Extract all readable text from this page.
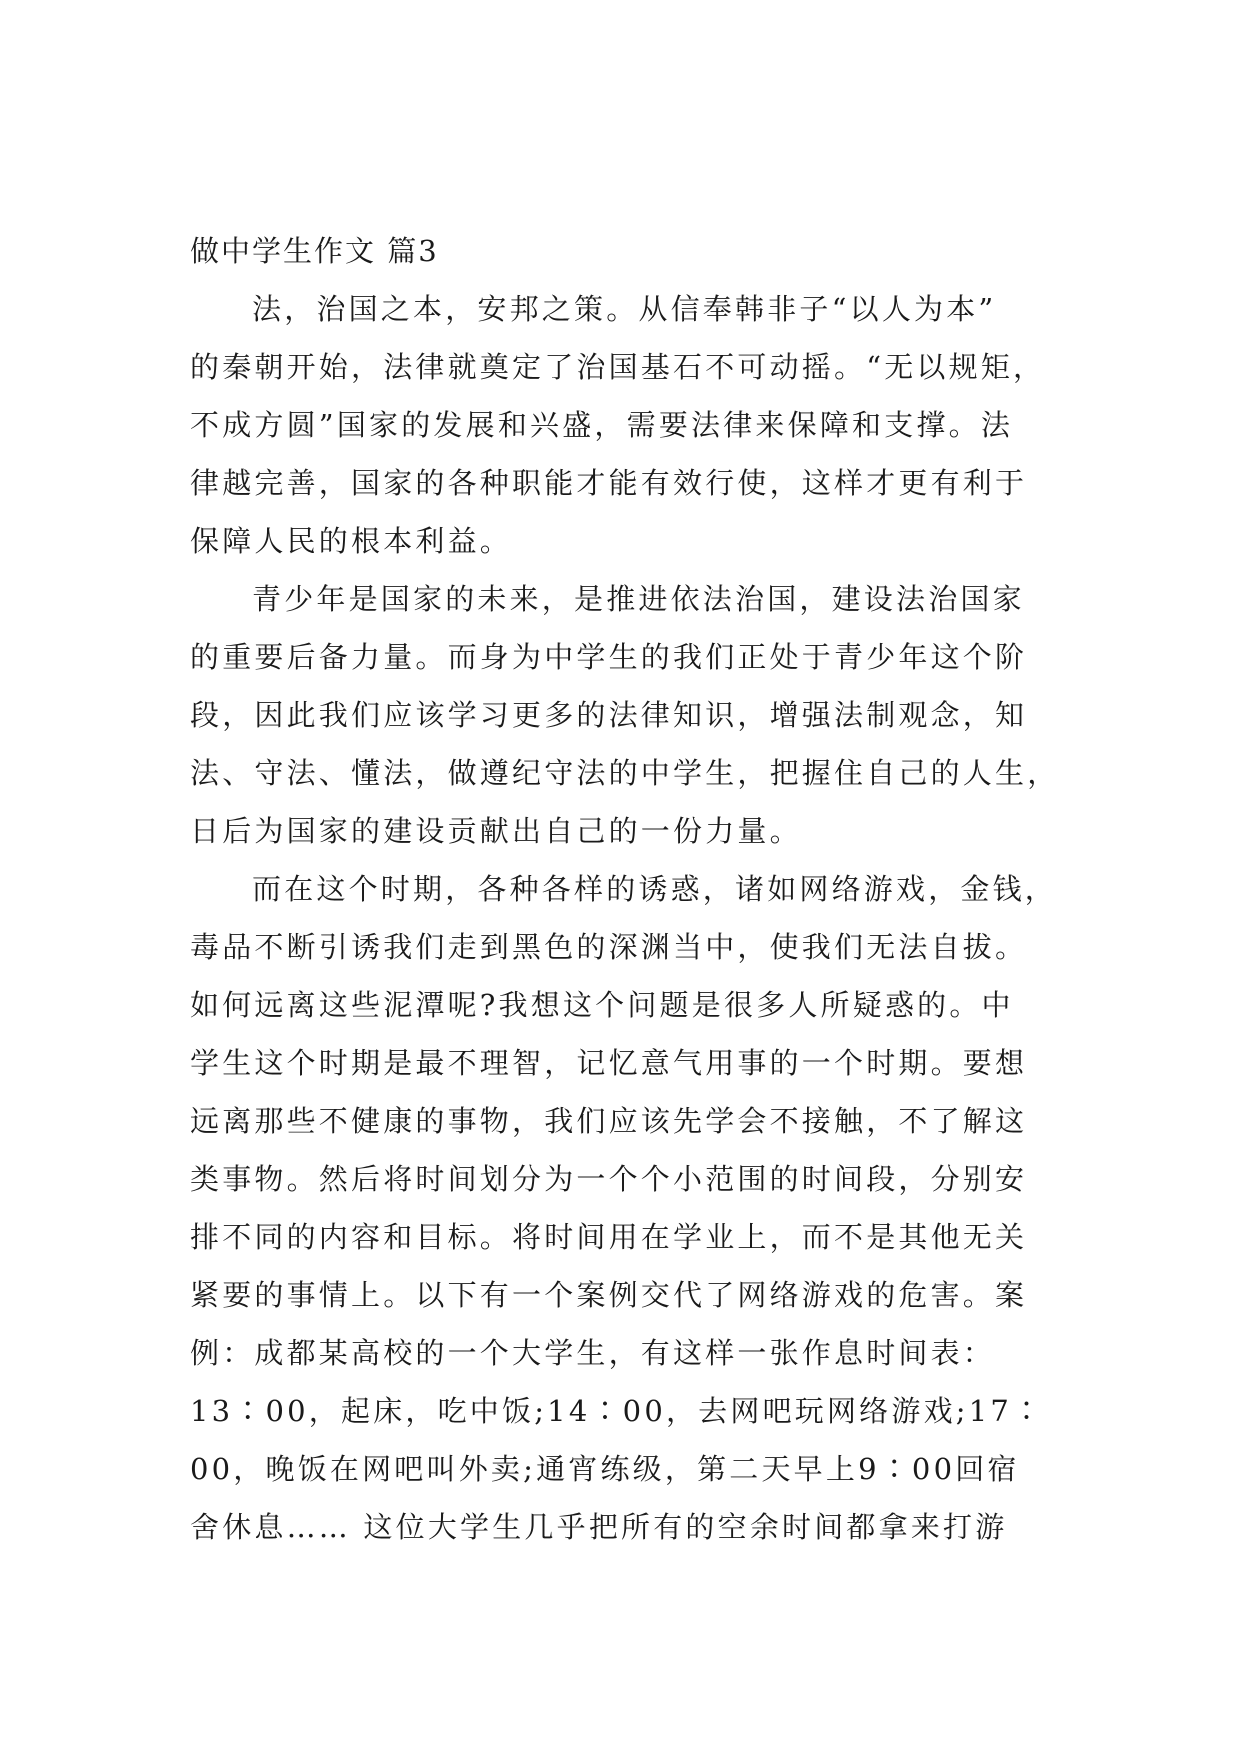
做中学生作文 篇3
法，治国之本，安邦之策。从信奉韩非子“以人为本”
的秦朝开始，法律就奠定了治国基石不可动摇。“无以规矩，
不成方圆”国家的发展和兴盛，需要法律来保障和支撑。法
律越完善，国家的各种职能才能有效行使，这样才更有利于
保障人民的根本利益。
青少年是国家的未来，是推进依法治国，建设法治国家
的重要后备力量。而身为中学生的我们正处于青少年这个阶
段，因此我们应该学习更多的法律知识，增强法制观念，知
法、守法、懂法，做遵纪守法的中学生，把握住自己的人生，
日后为国家的建设贡献出自己的一份力量。
而在这个时期，各种各样的诱惑，诸如网络游戏，金钱，
毒品不断引诱我们走到黑色的深渊当中，使我们无法自拔。
如何远离这些泥潭呢?我想这个问题是很多人所疑惑的。中
学生这个时期是最不理智，记忆意气用事的一个时期。要想
远离那些不健康的事物，我们应该先学会不接触，不了解这
类事物。然后将时间划分为一个个小范围的时间段，分别安
排不同的内容和目标。将时间用在学业上，而不是其他无关
紧要的事情上。以下有一个案例交代了网络游戏的危害。案
例：成都某高校的一个大学生，有这样一张作息时间表：
13∶00，起床，吃中饭;14∶00，去网吧玩网络游戏;17∶
00，晚饭在网吧叫外卖;通宵练级，第二天早上9∶00回宿
舍休息…… 这位大学生几乎把所有的空余时间都拿来打游
